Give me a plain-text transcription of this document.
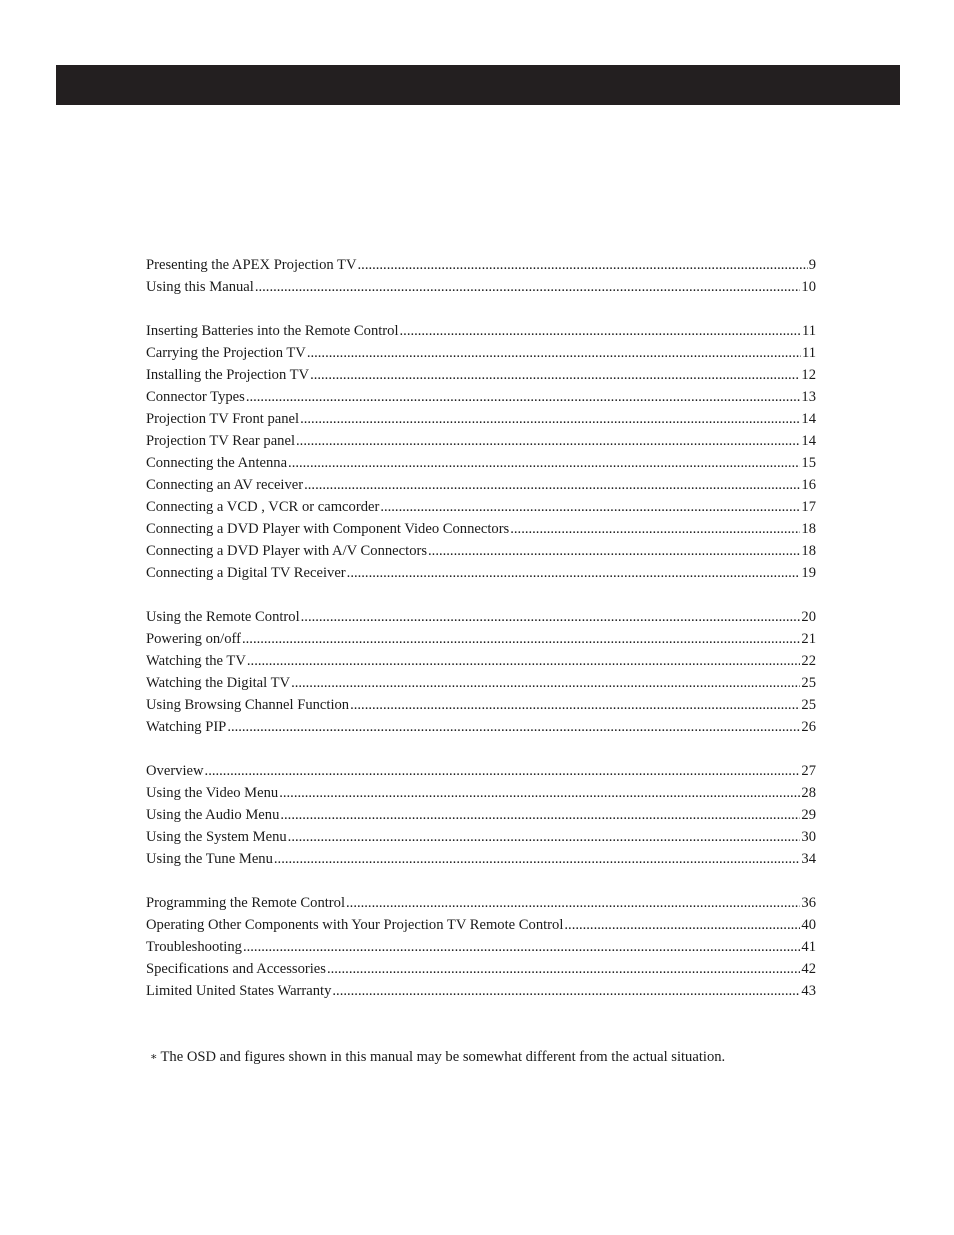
Presenting the APEX Projection TV .....	9
Using this Manual .....	10
Inserting Batteries into the Remote Control .....	11
Carrying the Projection TV .....	11
Installing the Projection TV .....	12
Connector Types .....	13
Projection TV Front panel .....	14
Projection TV Rear panel .....	14
Connecting the Antenna .....	15
Connecting an AV receiver .....	16
Connecting a VCD , VCR or camcorder .....	17
Connecting a DVD Player with Component Video Connectors .....	18
Connecting a DVD Player with A/V Connectors .....	18
Connecting a Digital TV Receiver .....	19
Using the Remote Control .....	20
Powering on/off .....	21
Watching the TV .....	22
Watching the Digital TV .....	25
Using Browsing Channel Function .....	25
Watching PIP .....	26
Overview .....	27
Using the Video Menu .....	28
Using the Audio Menu .....	29
Using the System Menu .....	30
Using the Tune Menu .....	34
Programming the Remote Control .....	36
Operating Other Components with Your Projection TV Remote Control .....	40
Troubleshooting .....	41
Specifications and Accessories .....	42
Limited United States Warranty .....	43
∗ The OSD and figures shown in this manual may be somewhat different from the actual situation.
